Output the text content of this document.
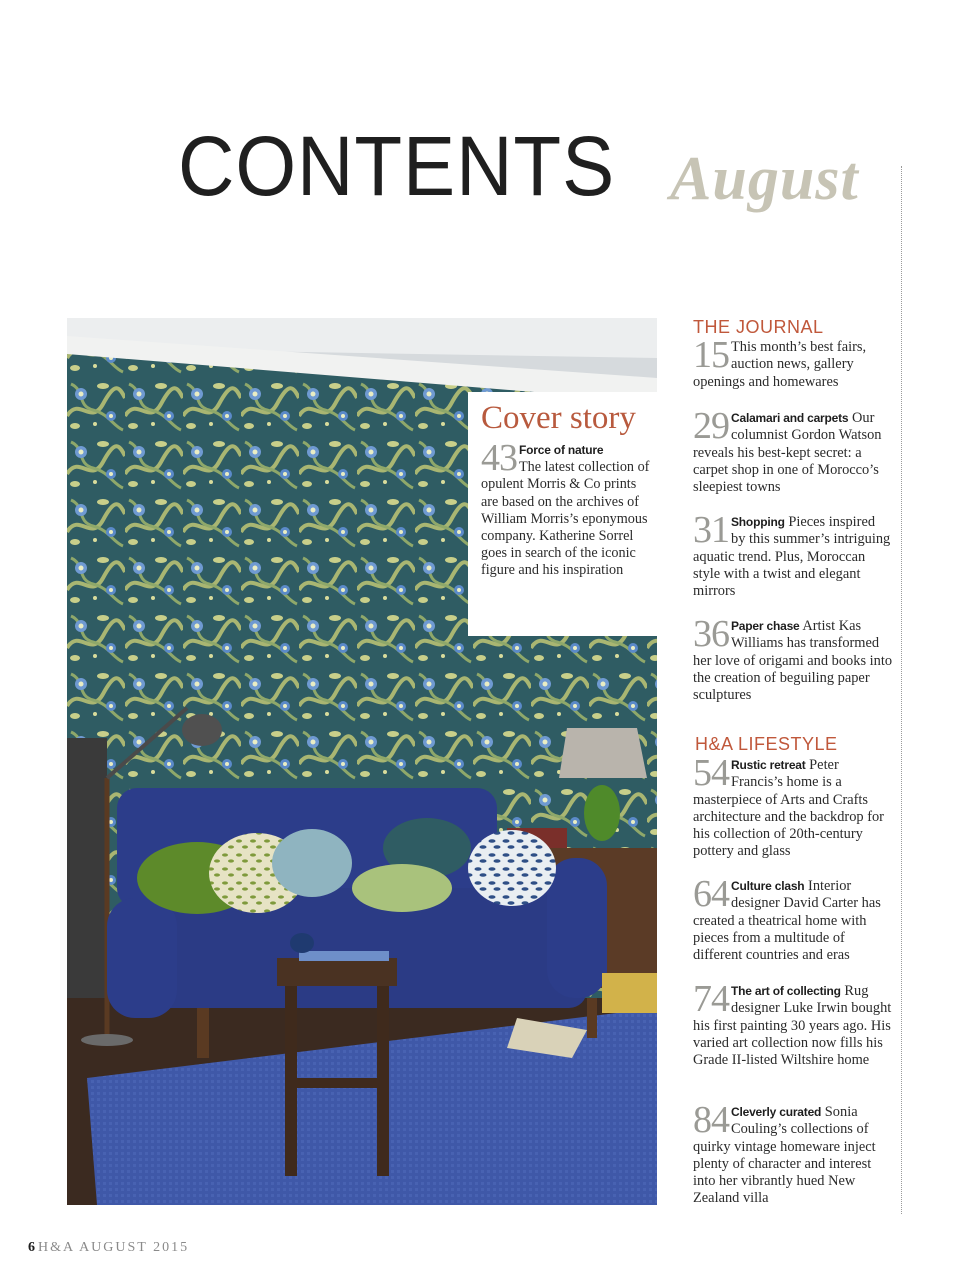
CONTENTS August
Cover story
43 Force of nature
The latest collection of opulent Morris & Co prints are based on the archives of William Morris’s eponymous company. Katherine Sorrel goes in search of the iconic figure and his inspiration
THE JOURNAL
15 This month’s best fairs, auction news, gallery openings and homewares
29 Calamari and carpets Our columnist Gordon Watson reveals his best-kept secret: a carpet shop in one of Morocco’s sleepiest towns
31 Shopping Pieces inspired by this summer’s intriguing aquatic trend. Plus, Moroccan style with a twist and elegant mirrors
36 Paper chase Artist Kas Williams has transformed her love of origami and books into the creation of beguiling paper sculptures
H&A LIFESTYLE
54 Rustic retreat Peter Francis’s home is a masterpiece of Arts and Crafts architecture and the backdrop for his collection of 20th-century pottery and glass
64 Culture clash Interior designer David Carter has created a theatrical home with pieces from a multitude of different countries and eras
74 The art of collecting Rug designer Luke Irwin bought his first painting 30 years ago. His varied art collection now fills his Grade II-listed Wiltshire home
84 Cleverly curated Sonia Couling’s collections of quirky vintage homeware inject plenty of character and interest into her vibrantly hued New Zealand villa
6 H&A AUGUST 2015
